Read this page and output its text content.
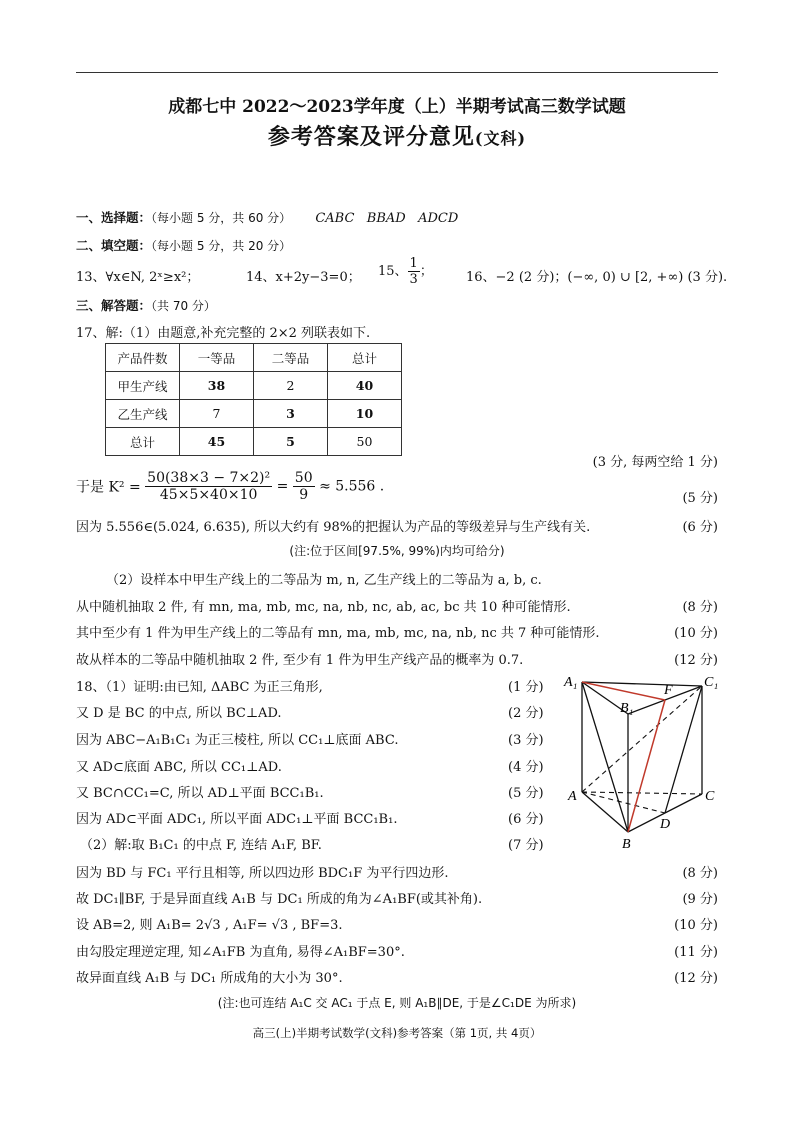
成都七中 2022～2023学年度（上）半期考试高三数学试题
参考答案及评分意见(文科)
一、选择题：（每小题 5 分，共 60 分） CABC   BBAD   ADCD
二、填空题：（每小题 5 分，共 20 分）
13、∀x∈N, 2ˣ≥x²；	14、x+2y−3=0； 15、 $\frac{1}{3}$ ；	16、−2 (2 分)；(−∞, 0) ∪ [2, +∞) (3 分).
三、解答题：（共 70 分）
17、解:（1）由题意,补充完整的 2×2 列联表如下.
产品件数	一等品	二等品	总计
甲生产线	38	2	40
乙生产线	7	3	10
总计	45	5	50
(3 分, 每两空给 1 分)
于是 $K^2 = \frac{\text{50(38×3 − 7×2)²}}{45\times 5\times 40\times 10} = \frac{50}{9} \approx 5.556$ .
(5 分)
因为 5.556∈(5.024, 6.635), 所以大约有 98%的把握认为产品的等级差异与生产线有关.	(6 分)
(注:位于区间[97.5%, 99%)内均可给分)
（2）设样本中甲生产线上的二等品为 m, n, 乙生产线上的二等品为 a, b, c.
从中随机抽取 2 件, 有 mn, ma, mb, mc, na, nb, nc, ab, ac, bc 共 10 种可能情形.	(8 分)
其中至少有 1 件为甲生产线上的二等品有 mn, ma, mb, mc, na, nb, nc 共 7 种可能情形.	(10 分)
故从样本的二等品中随机抽取 2 件, 至少有 1 件为甲生产线产品的概率为 0.7.	(12 分)
18、（1）证明:由已知, ΔABC 为正三角形,	(1 分)
又 D 是 BC 的中点, 所以 BC⊥AD.	(2 分)
因为 ABC−A₁B₁C₁ 为正三棱柱, 所以 CC₁⊥底面 ABC.	(3 分)
又 AD⊂底面 ABC, 所以 CC₁⊥AD.	(4 分)
又 BC∩CC₁=C, 所以 AD⊥平面 BCC₁B₁.	(5 分)
因为 AD⊂平面 ADC₁, 所以平面 ADC₁⊥平面 BCC₁B₁.	(6 分)
（2）解:取 B₁C₁ 的中点 F, 连结 A₁F, BF.	(7 分)
A₁	C₁
B₁
F
A	C
D
B
因为 BD 与 FC₁ 平行且相等, 所以四边形 BDC₁F 为平行四边形.	(8 分)
故 DC₁∥BF, 于是异面直线 A₁B 与 DC₁ 所成的角为∠A₁BF(或其补角).	(9 分)
设 AB=2, 则 A₁B= 2√3 , A₁F= √3 , BF=3.	(10 分)
由勾股定理逆定理, 知∠A₁FB 为直角, 易得∠A₁BF=30°.	(11 分)
故异面直线 A₁B 与 DC₁ 所成角的大小为 30°.	(12 分)
(注:也可连结 A₁C 交 AC₁ 于点 E, 则 A₁B∥DE, 于是∠C₁DE 为所求)
高三(上)半期考试数学(文科)参考答案（第 1页, 共 4页）
